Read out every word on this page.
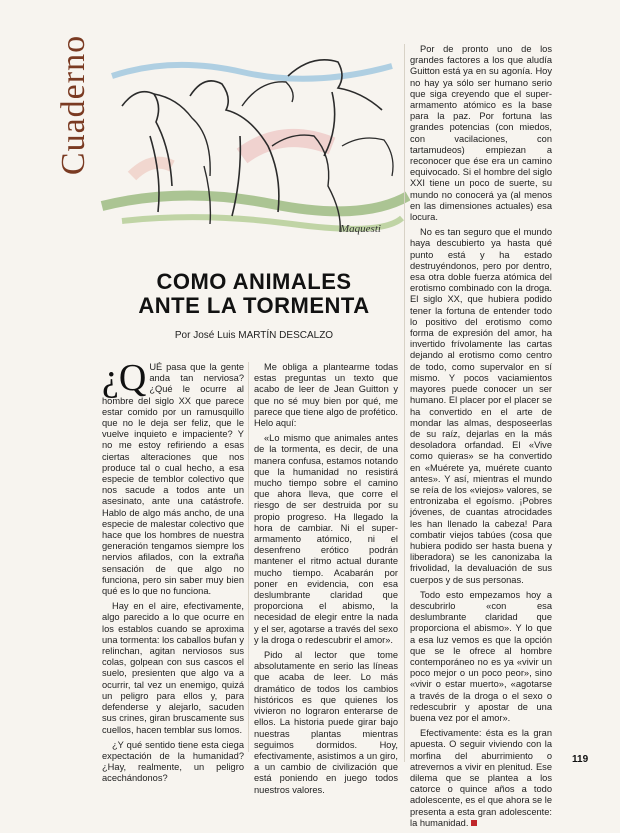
Cuaderno
Maquesti
COMO ANIMALES
ANTE LA TORMENTA
Por José Luis MARTÍN DESCALZO

¿Q UÉ pasa que la gente anda tan nerviosa? ¿Qué le ocurre al hombre del siglo XX que parece estar comido por un ramusquillo que no le deja ser feliz, que le vuelve inquieto e impaciente? Y no me estoy refiriendo a esas ciertas alteraciones que nos produce tal o cual hecho, a esa especie de temblor colectivo que nos sacude a todos ante un asesinato, ante una catástrofe. Hablo de algo más ancho, de una especie de malestar colectivo que hace que los hombres de nuestra generación tengamos siempre los nervios afilados, con la extraña sensación de que algo no funciona, pero sin saber muy bien qué es lo que no funciona.

Hay en el aire, efectivamente, algo parecido a lo que ocurre en los establos cuando se aproxima una tormenta: los caballos bufan y relinchan, agitan nerviosos sus colas, golpean con sus cascos el suelo, presienten que algo va a ocurrir, tal vez un enemigo, quizá un peligro para ellos y, para defenderse y alejarlo, sacuden sus crines, giran bruscamente sus cuellos, hacen temblar sus lomos.

¿Y qué sentido tiene esta ciega expectación de la humanidad? ¿Hay, realmente, un peligro acechándonos?

Me obliga a plantearme todas estas preguntas un texto que acabo de leer de Jean Guitton y que no sé muy bien por qué, me parece que tiene algo de profético. Helo aquí:

«Lo mismo que animales antes de la tormenta, es decir, de una manera confusa, estamos notando que la humanidad no resistirá mucho tiempo sobre el camino que ahora lleva, que corre el riesgo de ser destruida por su propio progreso. Ha llegado la hora de cambiar. Ni el super-armamento atómico, ni el desenfreno erótico podrán mantener el ritmo actual durante mucho tiempo. Acabarán por poner en evidencia, con esa deslumbrante claridad que proporciona el abismo, la necesidad de elegir entre la nada y el ser, agotarse a través del sexo y la droga o redescubrir el amor».

Pido al lector que tome absolutamente en serio las líneas que acaba de leer. Lo más dramático de todos los cambios históricos es que quienes los vivieron no lograron enterarse de ellos. La historia puede girar bajo nuestras plantas mientras seguimos dormidos. Hoy, efectivamente, asistimos a un giro, a un cambio de civilización que está poniendo en juego todos nuestros valores.

Por de pronto uno de los grandes factores a los que aludía Guitton está ya en su agonía. Hoy no hay ya sólo ser humano serio que siga creyendo que el super-armamento atómico es la base para la paz. Por fortuna las grandes potencias (con miedos, con vacilaciones, con tartamudeos) empiezan a reconocer que ése era un camino equivocado. Si el hombre del siglo XXI tiene un poco de suerte, su mundo no conocerá ya (al menos en las dimensiones actuales) esa locura.

No es tan seguro que el mundo haya descubierto ya hasta qué punto está y ha estado destruyéndonos, pero por dentro, esa otra doble fuerza atómica del erotismo combinado con la droga. El siglo XX, que hubiera podido tener la fortuna de entender todo lo positivo del erotismo como forma de expresión del amor, ha invertido frívolamente las cartas dejando al erotismo como centro de todo, como supervalor en sí mismo. Y pocos vaciamientos mayores puede conocer un ser humano. El placer por el placer se ha convertido en el arte de mondar las almas, desposeerlas de su raíz, dejarlas en la más desoladora orfandad. El «Vive como quieras» se ha convertido en «Muérete ya, muérete cuanto antes». Y así, mientras el mundo se reía de los «viejos» valores, se entronizaba el egoísmo. ¡Pobres jóvenes, de cuantas atrocidades les han llenado la cabeza! Para combatir viejos tabúes (cosa que hubiera podido ser hasta buena y liberadora) se les canonizaba la frivolidad, la devaluación de sus cuerpos y de sus personas.

Todo esto empezamos hoy a descubrirlo «con esa deslumbrante claridad que proporciona el abismo». Y lo que a esa luz vemos es que la opción que se le ofrece al hombre contemporáneo no es ya «vivir un poco mejor o un poco peor», sino «vivir o estar muerto», «agotarse a través de la droga o el sexo o redescubrir y apostar de una buena vez por el amor».

Efectivamente: ésta es la gran apuesta. O seguir viviendo con la morfina del aburrimiento o atrevernos a vivir en plenitud. Ese dilema que se plantea a los catorce o quince años a todo adolescente, es el que ahora se le presenta a esta gran adolescente: la humanidad.

119
